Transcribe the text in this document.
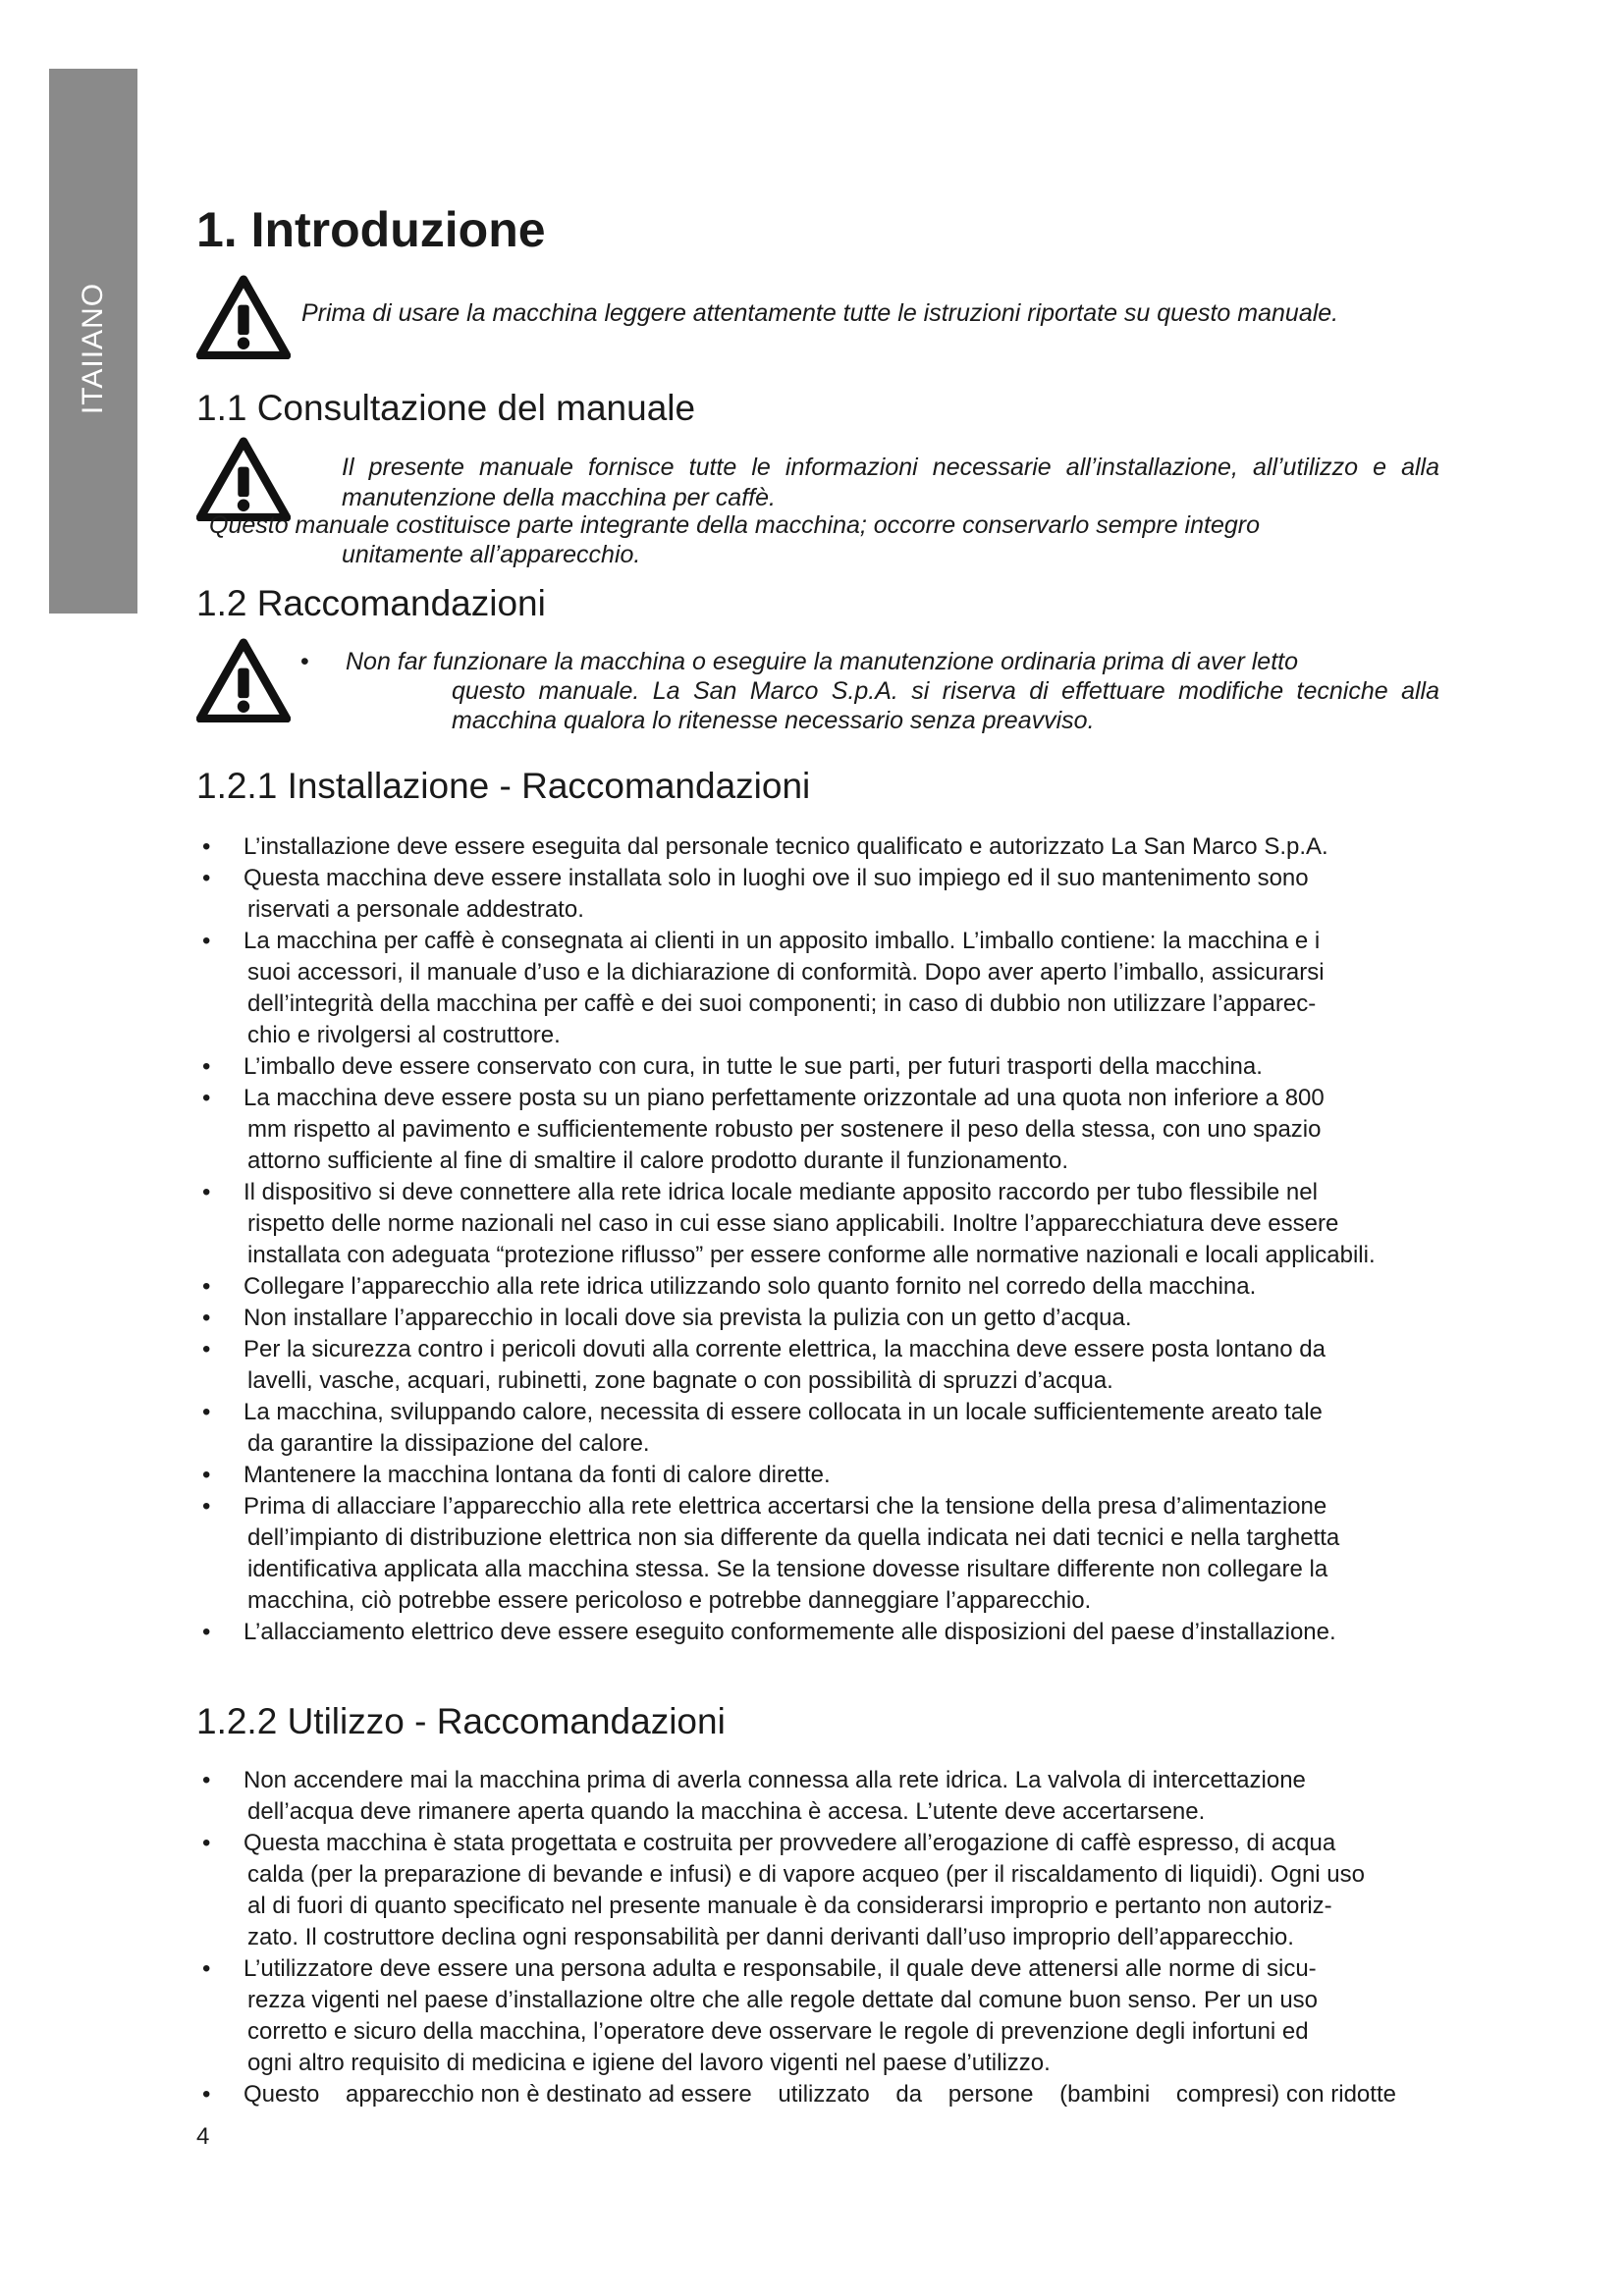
ITAIIANO
1. Introduzione
Prima di usare la macchina leggere attentamente tutte le istruzioni riportate su questo manuale.
1.1 Consultazione del manuale
Il presente manuale fornisce tutte le informazioni necessarie all’installazione, all’utilizzo e alla
manutenzione della macchina per caffè.
Questo manuale costituisce parte integrante della macchina; occorre conservarlo sempre integro
unitamente all’apparecchio.
1.2 Raccomandazioni
• Non far funzionare la macchina o eseguire la manutenzione ordinaria prima di aver letto
questo manuale. La San Marco S.p.A. si riserva di effettuare modifiche tecniche alla
macchina qualora lo ritenesse necessario senza preavviso.
1.2.1 Installazione - Raccomandazioni
• L’installazione deve essere eseguita dal personale tecnico qualificato e autorizzato La San Marco S.p.A.
• Questa macchina deve essere installata solo in luoghi ove il suo impiego ed il suo mantenimento sono
riservati a personale addestrato.
• La macchina per caffè è consegnata ai clienti in un apposito imballo. L’imballo contiene: la macchina e i
suoi accessori, il manuale d’uso e la dichiarazione di conformità. Dopo aver aperto l’imballo, assicurarsi
dell’integrità della macchina per caffè e dei suoi componenti; in caso di dubbio non utilizzare l’apparec-
chio e rivolgersi al costruttore.
• L’imballo deve essere conservato con cura, in tutte le sue parti, per futuri trasporti della macchina.
• La macchina deve essere posta su un piano perfettamente orizzontale ad una quota non inferiore a 800
mm rispetto al pavimento e sufficientemente robusto per sostenere il peso della stessa, con uno spazio
attorno sufficiente al fine di smaltire il calore prodotto durante il funzionamento.
• Il dispositivo si deve connettere alla rete idrica locale mediante apposito raccordo per tubo flessibile nel
rispetto delle norme nazionali nel caso in cui esse siano applicabili. Inoltre l’apparecchiatura deve essere
installata con adeguata “protezione riflusso” per essere conforme alle normative nazionali e locali applicabili.
• Collegare l’apparecchio alla rete idrica utilizzando solo quanto fornito nel corredo della macchina.
• Non installare l’apparecchio in locali dove sia prevista la pulizia con un getto d’acqua.
• Per la sicurezza contro i pericoli dovuti alla corrente elettrica, la macchina deve essere posta lontano da
lavelli, vasche, acquari, rubinetti, zone bagnate o con possibilità di spruzzi d’acqua.
• La macchina, sviluppando calore, necessita di essere collocata in un locale sufficientemente areato tale
da garantire la dissipazione del calore.
• Mantenere la macchina lontana da fonti di calore dirette.
• Prima di allacciare l’apparecchio alla rete elettrica accertarsi che la tensione della presa d’alimentazione
dell’impianto di distribuzione elettrica non sia differente da quella indicata nei dati tecnici e nella targhetta
identificativa applicata alla macchina stessa. Se la tensione dovesse risultare differente non collegare la
macchina, ciò potrebbe essere pericoloso e potrebbe danneggiare l’apparecchio.
• L’allacciamento elettrico deve essere eseguito conformemente alle disposizioni del paese d’installazione.
1.2.2 Utilizzo - Raccomandazioni
• Non accendere mai la macchina prima di averla connessa alla rete idrica. La valvola di intercettazione
dell’acqua deve rimanere aperta quando la macchina è accesa. L’utente deve accertarsene.
• Questa macchina è stata progettata e costruita per provvedere all’erogazione di caffè espresso, di acqua
calda (per la preparazione di bevande e infusi) e di vapore acqueo (per il riscaldamento di liquidi). Ogni uso
al di fuori di quanto specificato nel presente manuale è da considerarsi improprio e pertanto non autoriz-
zato. Il costruttore declina ogni responsabilità per danni derivanti dall’uso improprio dell’apparecchio.
• L’utilizzatore deve essere una persona adulta e responsabile, il quale deve attenersi alle norme di sicu-
rezza vigenti nel paese d’installazione oltre che alle regole dettate dal comune buon senso. Per un uso
corretto e sicuro della macchina, l’operatore deve osservare le regole di prevenzione degli infortuni ed
ogni altro requisito di medicina e igiene del lavoro vigenti nel paese d’utilizzo.
• Questo    apparecchio non è destinato ad essere    utilizzato    da    persone    (bambini    compresi) con ridotte
4
